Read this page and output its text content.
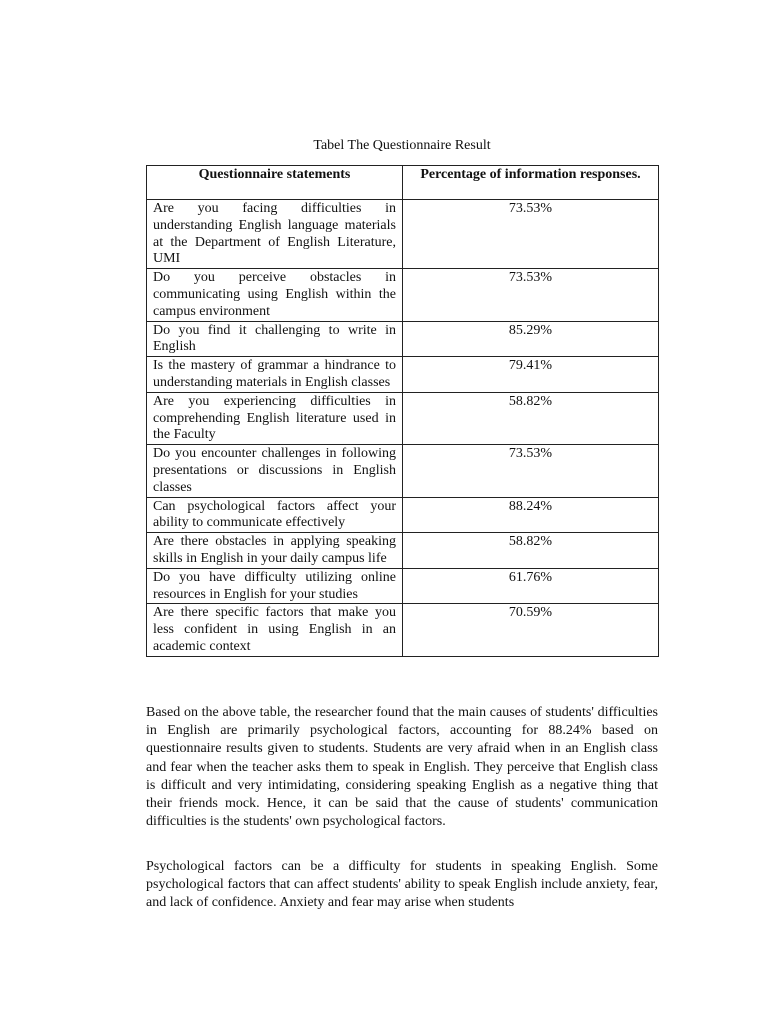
Tabel The Questionnaire Result
Questionnaire statements	Percentage of information responses.
Are you facing difficulties in understanding English language materials at the Department of English Literature, UMI	73.53%
Do you perceive obstacles in communicating using English within the campus environment	73.53%
Do you find it challenging to write in English	85.29%
Is the mastery of grammar a hindrance to understanding materials in English classes	79.41%
Are you experiencing difficulties in comprehending English literature used in the Faculty	58.82%
Do you encounter challenges in following presentations or discussions in English classes	73.53%
Can psychological factors affect your ability to communicate effectively	88.24%
Are there obstacles in applying speaking skills in English in your daily campus life	58.82%
Do you have difficulty utilizing online resources in English for your studies	61.76%
Are there specific factors that make you less confident in using English in an academic context	70.59%

Based on the above table, the researcher found that the main causes of students' difficulties in English are primarily psychological factors, accounting for 88.24% based on questionnaire results given to students. Students are very afraid when in an English class and fear when the teacher asks them to speak in English. They perceive that English class is difficult and very intimidating, considering speaking English as a negative thing that their friends mock. Hence, it can be said that the cause of students' communication difficulties is the students' own psychological factors.

Psychological factors can be a difficulty for students in speaking English. Some psychological factors that can affect students' ability to speak English include anxiety, fear, and lack of confidence. Anxiety and fear may arise when students
